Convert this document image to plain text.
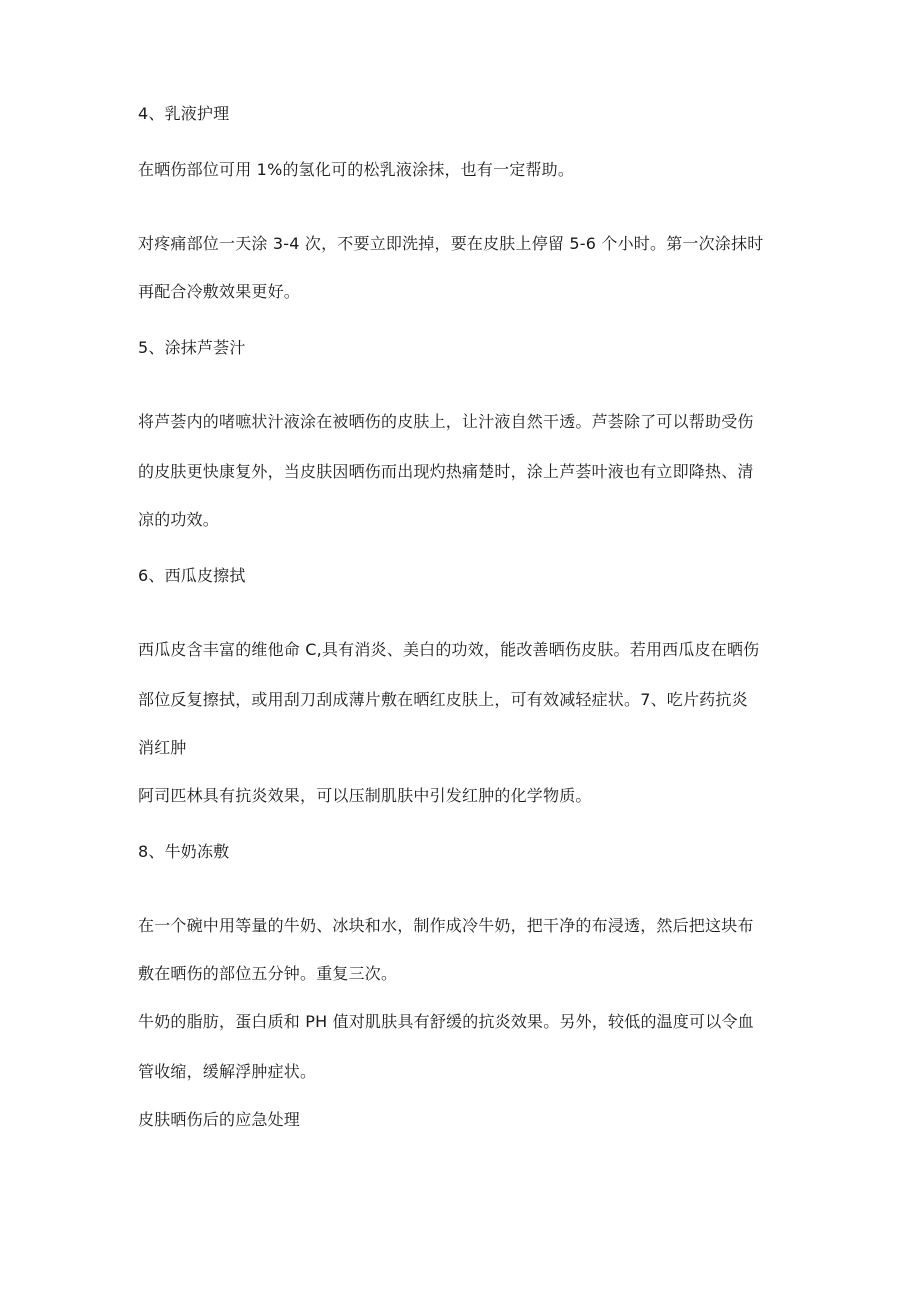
4、乳液护理
在晒伤部位可用 1%的氢化可的松乳液涂抹，也有一定帮助。
对疼痛部位一天涂 3-4 次，不要立即洗掉，要在皮肤上停留 5-6 个小时。第一次涂抹时
再配合冷敷效果更好。
5、涂抹芦荟汁
将芦荟内的啫嗻状汁液涂在被晒伤的皮肤上，让汁液自然干透。芦荟除了可以帮助受伤
的皮肤更快康复外，当皮肤因晒伤而出现灼热痛楚时，涂上芦荟叶液也有立即降热、清
凉的功效。
6、西瓜皮擦拭
西瓜皮含丰富的维他命 C,具有消炎、美白的功效，能改善晒伤皮肤。若用西瓜皮在晒伤
部位反复擦拭，或用刮刀刮成薄片敷在晒红皮肤上，可有效减轻症状。7、吃片药抗炎
消红肿
阿司匹林具有抗炎效果，可以压制肌肤中引发红肿的化学物质。
8、牛奶冻敷
在一个碗中用等量的牛奶、冰块和水，制作成冷牛奶，把干净的布浸透，然后把这块布
敷在晒伤的部位五分钟。重复三次。
牛奶的脂肪，蛋白质和 PH 值对肌肤具有舒缓的抗炎效果。另外，较低的温度可以令血
管收缩，缓解浮肿症状。
皮肤晒伤后的应急处理
